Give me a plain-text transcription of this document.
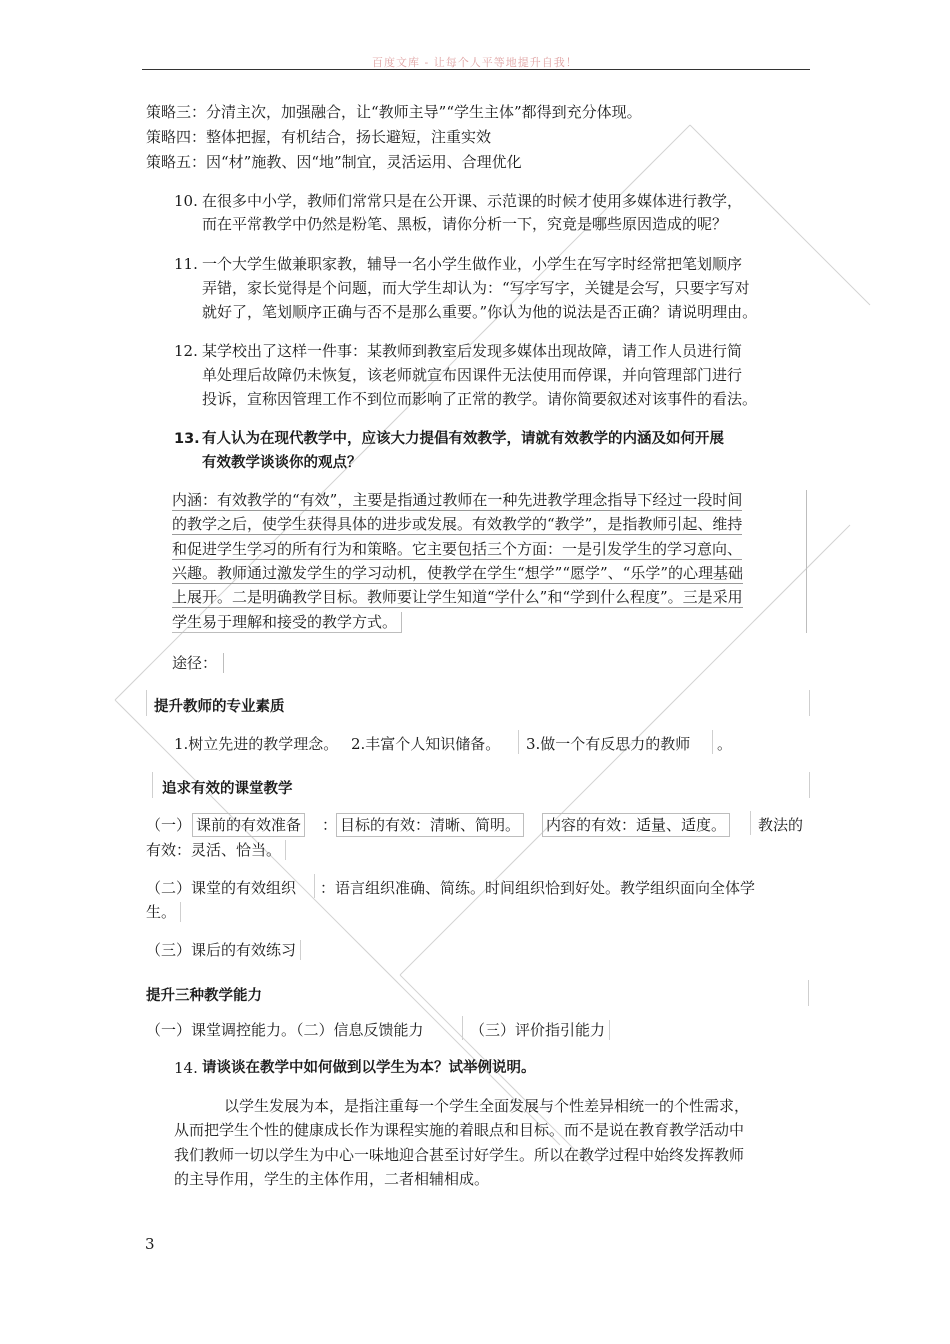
百度文库 - 让每个人平等地提升自我！
策略三：分清主次，加强融合，让“教师主导”“学生主体”都得到充分体现。
策略四：整体把握，有机结合，扬长避短，注重实效
策略五：因“材”施教、因“地”制宜，灵活运用、合理优化
10. 在很多中小学，教师们常常只是在公开课、示范课的时候才使用多媒体进行教学，
而在平常教学中仍然是粉笔、黑板，请你分析一下，究竟是哪些原因造成的呢？
11. 一个大学生做兼职家教，辅导一名小学生做作业，小学生在写字时经常把笔划顺序
弄错，家长觉得是个问题，而大学生却认为：“写字写字，关键是会写，只要字写对
就好了，笔划顺序正确与否不是那么重要。”你认为他的说法是否正确？请说明理由。
12. 某学校出了这样一件事：某教师到教室后发现多媒体出现故障，请工作人员进行简
单处理后故障仍未恢复，该老师就宣布因课件无法使用而停课，并向管理部门进行
投诉，宣称因管理工作不到位而影响了正常的教学。请你简要叙述对该事件的看法。
13. 有人认为在现代教学中，应该大力提倡有效教学，请就有效教学的内涵及如何开展
有效教学谈谈你的观点？
内涵：有效教学的“有效”，主要是指通过教师在一种先进教学理念指导下经过一段时间
的教学之后，使学生获得具体的进步或发展。有效教学的“教学”，是指教师引起、维持
和促进学生学习的所有行为和策略。它主要包括三个方面：一是引发学生的学习意向、
兴趣。教师通过激发学生的学习动机，使教学在学生“想学”“愿学”、“乐学”的心理基础
上展开。二是明确教学目标。教师要让学生知道“学什么”和“学到什么程度”。三是采用
学生易于理解和接受的教学方式。
途径：
提升教师的专业素质
1.树立先进的教学理念。 2.丰富个人知识储备。 3.做一个有反思力的教师 。
追求有效的课堂教学
（一） 课前的有效准备 ： 目标的有效：清晰、简明。 内容的有效：适量、适度。 教法的
有效：灵活、恰当。
（二）课堂的有效组织 ：语言组织准确、简练。时间组织恰到好处。教学组织面向全体学
生。
（三）课后的有效练习
提升三种教学能力
（一）课堂调控能力。（二）信息反馈能力	（三）评价指引能力
14. 请谈谈在教学中如何做到以学生为本？试举例说明。
以学生发展为本，是指注重每一个学生全面发展与个性差异相统一的个性需求，
从而把学生个性的健康成长作为课程实施的着眼点和目标。而不是说在教育教学活动中
我们教师一切以学生为中心一味地迎合甚至讨好学生。所以在教学过程中始终发挥教师
的主导作用，学生的主体作用，二者相辅相成。
3
